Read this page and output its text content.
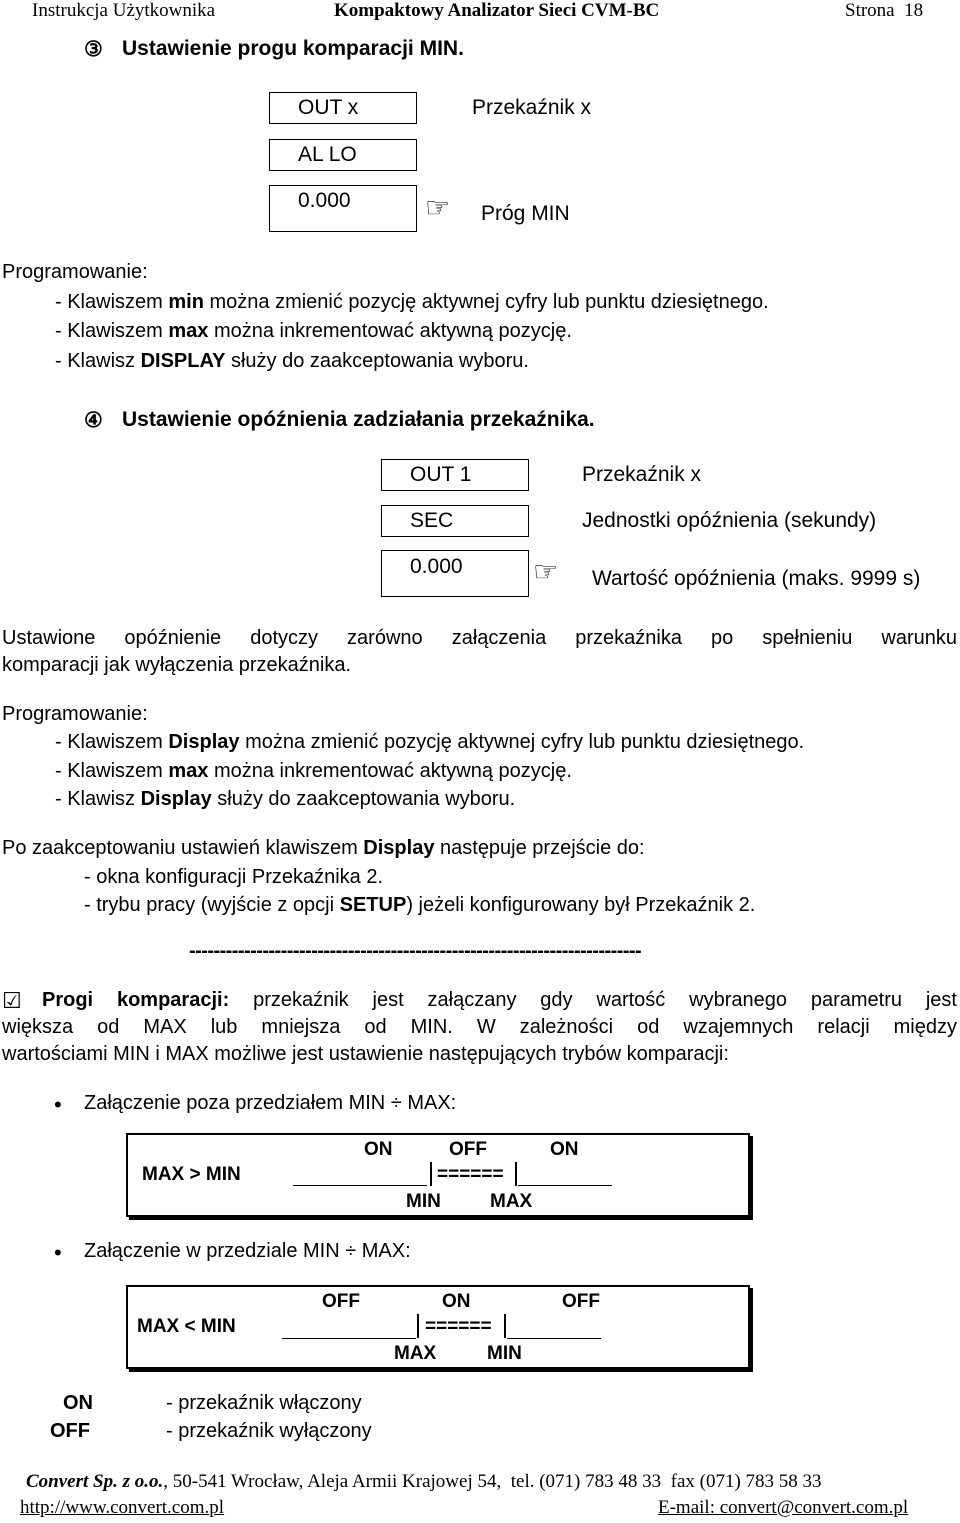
Instrukcja Użytkownika	Kompaktowy Analizator Sieci CVM-BC	Strona  18
③ Ustawienie progu komparacji MIN.
OUT x
AL LO
0.000
Przekaźnik x
☞ Próg MIN
Programowanie:
- Klawiszem min można zmienić pozycję aktywnej cyfry lub punktu dziesiętnego.
- Klawiszem max można inkrementować aktywną pozycję.
- Klawisz DISPLAY służy do zaakceptowania wyboru.
④ Ustawienie opóźnienia zadziałania przekaźnika.
OUT 1
SEC
0.000
Przekaźnik x
Jednostki opóźnienia (sekundy)
☞ Wartość opóźnienia (maks. 9999 s)
Ustawione opóźnienie dotyczy zarówno załączenia przekaźnika po spełnieniu warunku
komparacji jak wyłączenia przekaźnika.
Programowanie:
- Klawiszem Display można zmienić pozycję aktywnej cyfry lub punktu dziesiętnego.
- Klawiszem max można inkrementować aktywną pozycję.
- Klawisz Display służy do zaakceptowania wyboru.
Po zaakceptowaniu ustawień klawiszem Display następuje przejście do:
- okna konfiguracji Przekaźnika 2.
- trybu pracy (wyjście z opcji SETUP) jeżeli konfigurowany był Przekaźnik 2.
--------------------------------------------------------------------------
☑ Progi komparacji: przekaźnik jest załączany gdy wartość wybranego parametru jest
większa od MAX lub mniejsza od MIN. W zależności od wzajemnych relacji między
wartościami MIN i MAX możliwe jest ustawienie następujących trybów komparacji:
• Załączenie poza przedziałem MIN ÷ MAX:
MAX > MIN
ON	OFF	ON
======
MIN	MAX
• Załączenie w przedziale MIN ÷ MAX:
MAX < MIN
OFF	ON	OFF
======
MAX	MIN
ON	- przekaźnik włączony
OFF	- przekaźnik wyłączony
Convert Sp. z o.o., 50-541 Wrocław, Aleja Armii Krajowej 54,  tel. (071) 783 48 33  fax (071) 783 58 33
http://www.convert.com.pl	E-mail: convert@convert.com.pl
